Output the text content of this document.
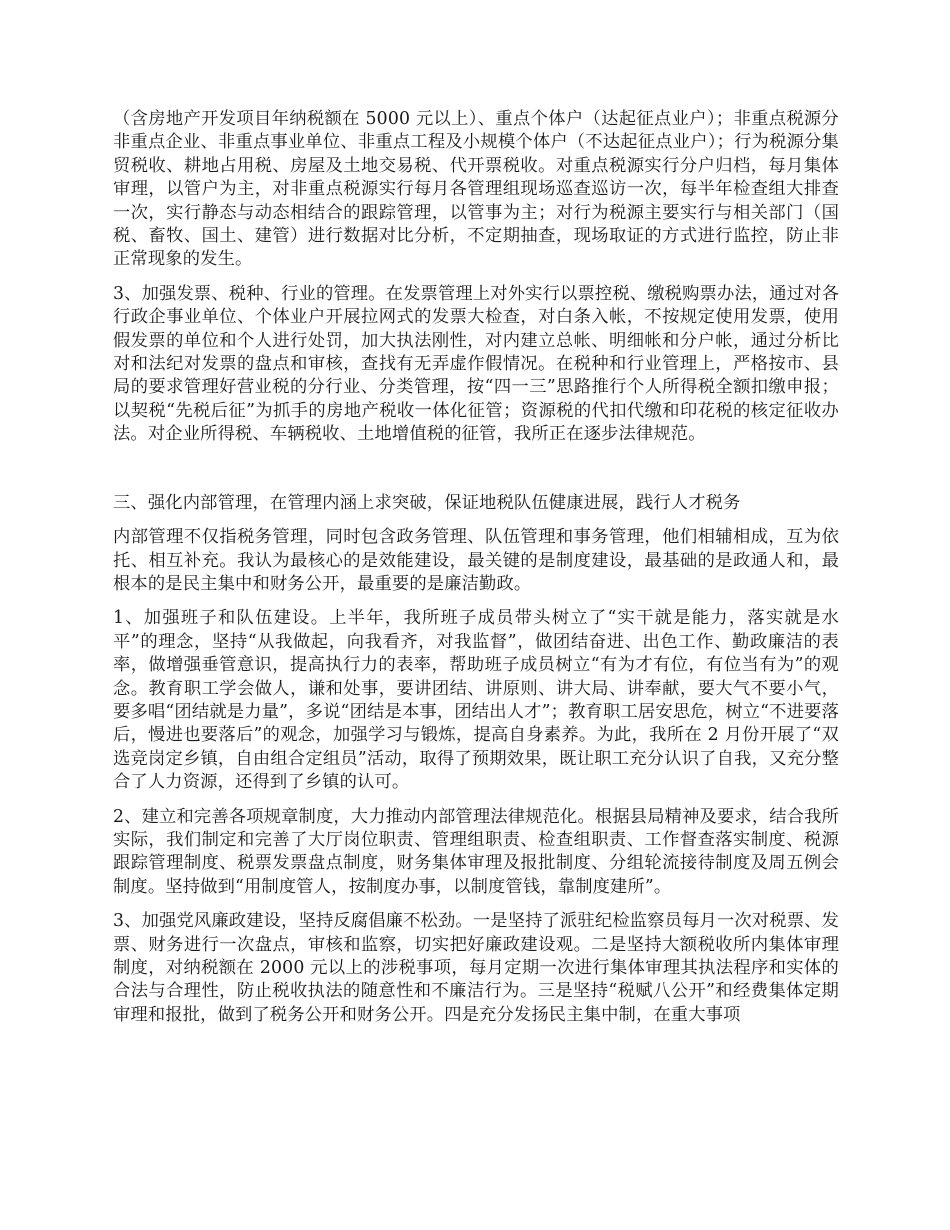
（含房地产开发项目年纳税额在 5000 元以上）、重点个体户（达起征点业户）；非重点税源分非重点企业、非重点事业单位、非重点工程及小规模个体户（不达起征点业户）；行为税源分集贸税收、耕地占用税、房屋及土地交易税、代开票税收。对重点税源实行分户归档，每月集体审理，以管户为主，对非重点税源实行每月各管理组现场巡查巡访一次，每半年检查组大排查一次，实行静态与动态相结合的跟踪管理，以管事为主；对行为税源主要实行与相关部门（国税、畜牧、国土、建管）进行数据对比分析，不定期抽查，现场取证的方式进行监控，防止非正常现象的发生。

3、加强发票、税种、行业的管理。在发票管理上对外实行以票控税、缴税购票办法，通过对各行政企事业单位、个体业户开展拉网式的发票大检查，对白条入帐，不按规定使用发票，使用假发票的单位和个人进行处罚，加大执法刚性，对内建立总帐、明细帐和分户帐，通过分析比对和法纪对发票的盘点和审核，查找有无弄虚作假情况。在税种和行业管理上，严格按市、县局的要求管理好营业税的分行业、分类管理，按“四一三”思路推行个人所得税全额扣缴申报；以契税“先税后征”为抓手的房地产税收一体化征管；资源税的代扣代缴和印花税的核定征收办法。对企业所得税、车辆税收、土地增值税的征管，我所正在逐步法律规范。

三、强化内部管理，在管理内涵上求突破，保证地税队伍健康进展，践行人才税务

内部管理不仅指税务管理，同时包含政务管理、队伍管理和事务管理，他们相辅相成，互为依托、相互补充。我认为最核心的是效能建设，最关键的是制度建设，最基础的是政通人和，最根本的是民主集中和财务公开，最重要的是廉洁勤政。

1、加强班子和队伍建设。上半年，我所班子成员带头树立了“实干就是能力，落实就是水平”的理念，坚持“从我做起，向我看齐，对我监督”，做团结奋进、出色工作、勤政廉洁的表率，做增强垂管意识，提高执行力的表率，帮助班子成员树立“有为才有位，有位当有为”的观念。教育职工学会做人，谦和处事，要讲团结、讲原则、讲大局、讲奉献，要大气不要小气，要多唱“团结就是力量”，多说“团结是本事，团结出人才”；教育职工居安思危，树立“不进要落后，慢进也要落后”的观念，加强学习与锻炼，提高自身素养。为此，我所在 2 月份开展了“双选竞岗定乡镇，自由组合定组员”活动，取得了预期效果，既让职工充分认识了自我，又充分整合了人力资源，还得到了乡镇的认可。

2、建立和完善各项规章制度，大力推动内部管理法律规范化。根据县局精神及要求，结合我所实际，我们制定和完善了大厅岗位职责、管理组职责、检查组职责、工作督查落实制度、税源跟踪管理制度、税票发票盘点制度，财务集体审理及报批制度、分组轮流接待制度及周五例会制度。坚持做到“用制度管人，按制度办事，以制度管钱，靠制度建所”。

3、加强党风廉政建设，坚持反腐倡廉不松劲。一是坚持了派驻纪检监察员每月一次对税票、发票、财务进行一次盘点，审核和监察，切实把好廉政建设观。二是坚持大额税收所内集体审理制度，对纳税额在 2000 元以上的涉税事项，每月定期一次进行集体审理其执法程序和实体的合法与合理性，防止税收执法的随意性和不廉洁行为。三是坚持“税赋八公开”和经费集体定期审理和报批，做到了税务公开和财务公开。四是充分发扬民主集中制，在重大事项
